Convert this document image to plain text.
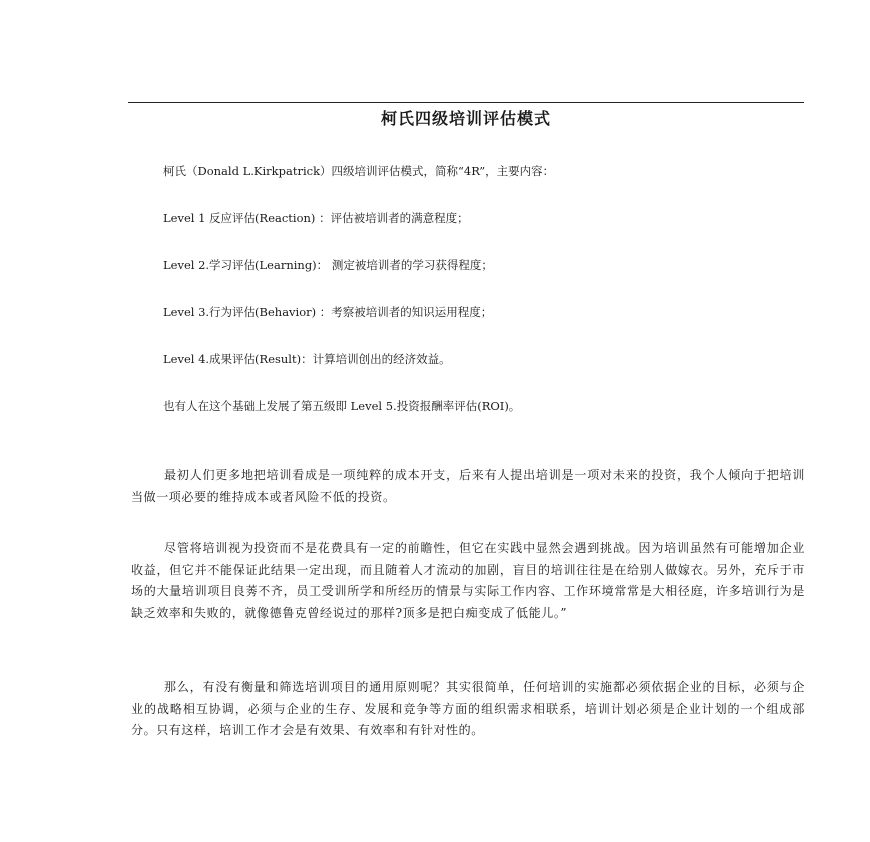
柯氏四级培训评估模式
柯氏（Donald L.Kirkpatrick）四级培训评估模式，简称“4R”，主要内容：
Level 1 反应评估(Reaction) ：评估被培训者的满意程度；
Level 2.学习评估(Learning)： 测定被培训者的学习获得程度；
Level 3.行为评估(Behavior) ：考察被培训者的知识运用程度；
Level 4.成果评估(Result)：计算培训创出的经济效益。
也有人在这个基础上发展了第五级即 Level 5.投资报酬率评估(ROI)。
最初人们更多地把培训看成是一项纯粹的成本开支，后来有人提出培训是一项对未来的投资，我个人倾向于把培训当做一项必要的维持成本或者风险不低的投资。
尽管将培训视为投资而不是花费具有一定的前瞻性，但它在实践中显然会遇到挑战。因为培训虽然有可能增加企业收益，但它并不能保证此结果一定出现，而且随着人才流动的加剧，盲目的培训往往是在给别人做嫁衣。另外，充斥于市场的大量培训项目良莠不齐，员工受训所学和所经历的情景与实际工作内容、工作环境常常是大相径庭，许多培训行为是缺乏效率和失败的，就像德鲁克曾经说过的那样?顶多是把白痴变成了低能儿。”
那么，有没有衡量和筛选培训项目的通用原则呢？其实很简单，任何培训的实施都必须依据企业的目标，必须与企业的战略相互协调，必须与企业的生存、发展和竞争等方面的组织需求相联系，培训计划必须是企业计划的一个组成部分。只有这样，培训工作才会是有效果、有效率和有针对性的。
